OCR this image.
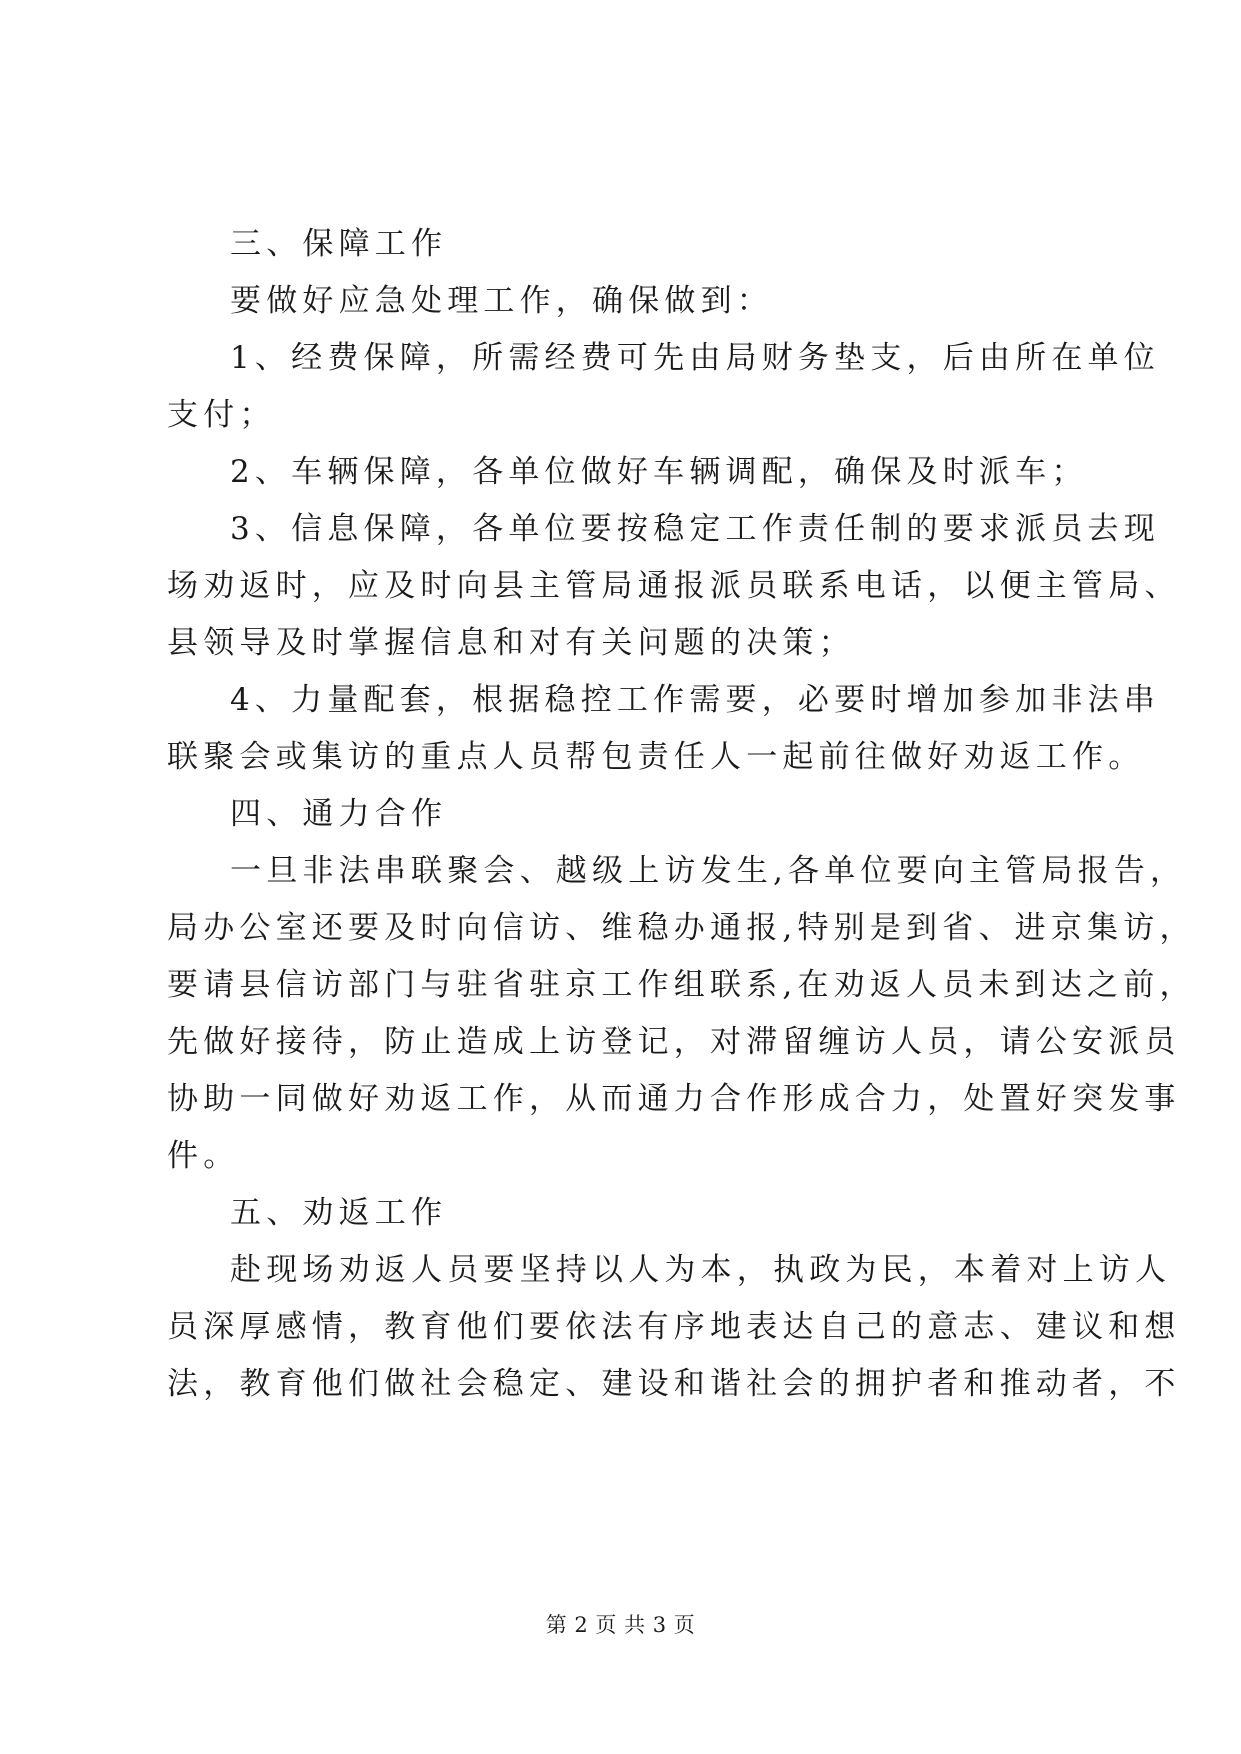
三、保障工作
要做好应急处理工作，确保做到：
1、经费保障，所需经费可先由局财务垫支，后由所在单位
支付；
2、车辆保障，各单位做好车辆调配，确保及时派车；
3、信息保障，各单位要按稳定工作责任制的要求派员去现
场劝返时，应及时向县主管局通报派员联系电话，以便主管局、
县领导及时掌握信息和对有关问题的决策；
4、力量配套，根据稳控工作需要，必要时增加参加非法串
联聚会或集访的重点人员帮包责任人一起前往做好劝返工作。
四、通力合作
一旦非法串联聚会、越级上访发生,各单位要向主管局报告，
局办公室还要及时向信访、维稳办通报,特别是到省、进京集访，
要请县信访部门与驻省驻京工作组联系,在劝返人员未到达之前，
先做好接待，防止造成上访登记，对滞留缠访人员，请公安派员
协助一同做好劝返工作，从而通力合作形成合力，处置好突发事
件。
五、劝返工作
赴现场劝返人员要坚持以人为本，执政为民，本着对上访人
员深厚感情，教育他们要依法有序地表达自己的意志、建议和想
法，教育他们做社会稳定、建设和谐社会的拥护者和推动者，不
第 2 页 共 3 页
